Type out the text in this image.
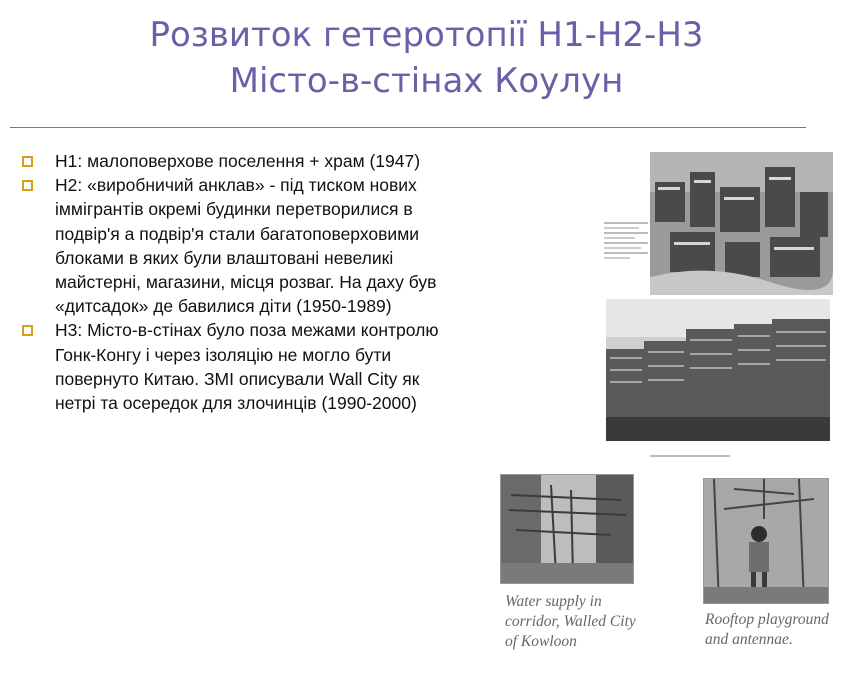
Розвиток гетеротопії Н1-Н2-Н3
Місто-в-стінах Коулун
Н1: малоповерхове поселення + храм (1947)
Н2: «виробничий анклав» - під тиском нових іммігрантів окремі будинки перетворилися в подвір'я а подвір'я стали багатоповерховими блоками в яких були влаштовані невеликі майстерні, магазини, місця розваг. На даху був «дитсадок» де бавилися діти (1950-1989)
Н3: Місто-в-стінах було поза межами контролю Гонк-Конгу і через ізоляцію не могло бути повернуто Китаю. ЗМІ описували Wall City як нетрі та осередок для злочинців (1990-2000)
Water supply in corridor, Walled City of Kowloon
Rooftop playground and antennae.
